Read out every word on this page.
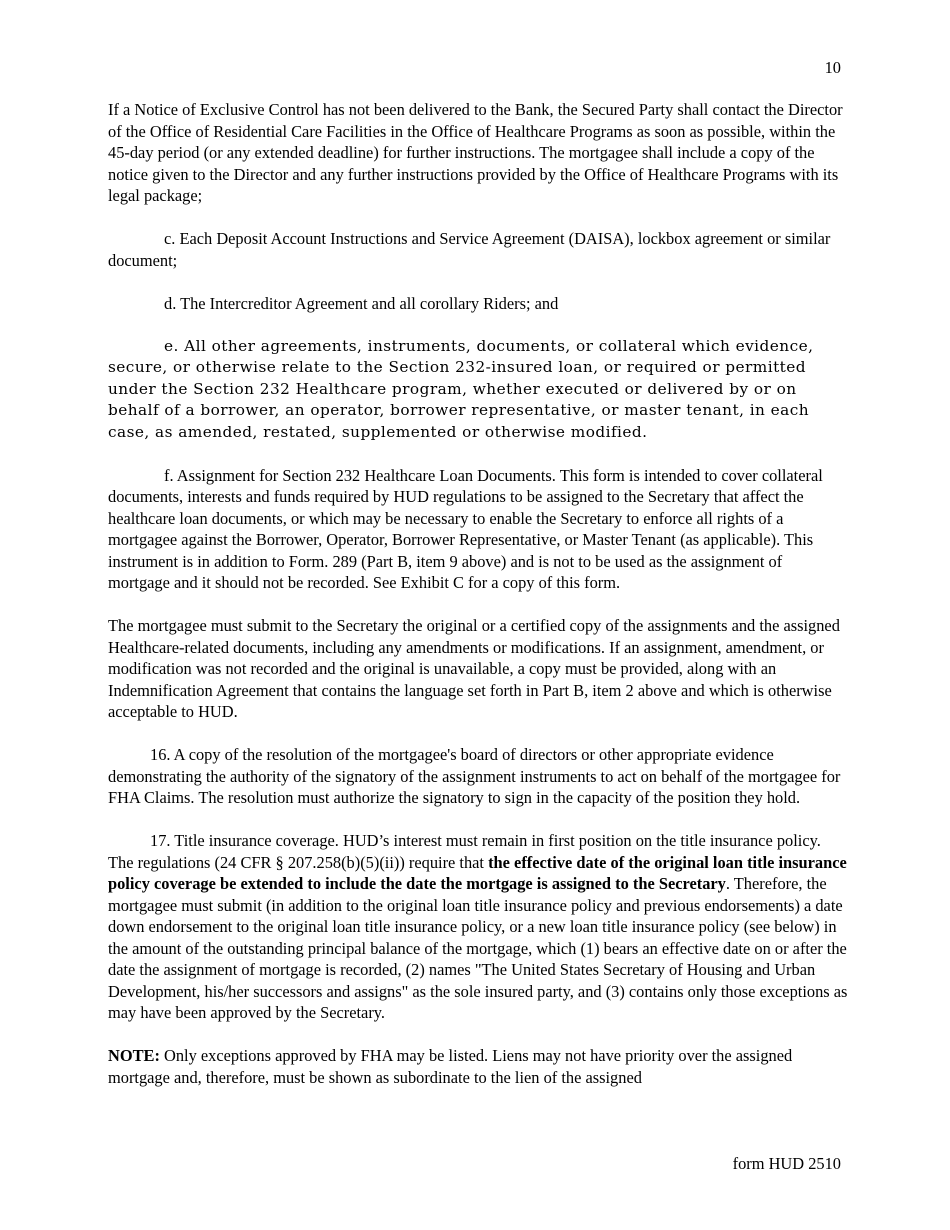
10

If a Notice of Exclusive Control has not been delivered to the Bank, the Secured Party shall contact the Director of the Office of Residential Care Facilities in the Office of Healthcare Programs as soon as possible, within the 45-day period (or any extended deadline) for further instructions. The mortgagee shall include a copy of the notice given to the Director and any further instructions provided by the Office of Healthcare Programs with its legal package;

c. Each Deposit Account Instructions and Service Agreement (DAISA), lockbox agreement or similar document;

d. The Intercreditor Agreement and all corollary Riders; and

e. All other agreements, instruments, documents, or collateral which evidence, secure, or otherwise relate to the Section 232-insured loan, or required or permitted under the Section 232 Healthcare program, whether executed or delivered by or on behalf of a borrower, an operator, borrower representative, or master tenant, in each case, as amended, restated, supplemented or otherwise modified.

f. Assignment for Section 232 Healthcare Loan Documents. This form is intended to cover collateral documents, interests and funds required by HUD regulations to be assigned to the Secretary that affect the healthcare loan documents, or which may be necessary to enable the Secretary to enforce all rights of a mortgagee against the Borrower, Operator, Borrower Representative, or Master Tenant (as applicable). This instrument is in addition to Form. 289 (Part B, item 9 above) and is not to be used as the assignment of mortgage and it should not be recorded. See Exhibit C for a copy of this form.

The mortgagee must submit to the Secretary the original or a certified copy of the assignments and the assigned Healthcare-related documents, including any amendments or modifications. If an assignment, amendment, or modification was not recorded and the original is unavailable, a copy must be provided, along with an Indemnification Agreement that contains the language set forth in Part B, item 2 above and which is otherwise acceptable to HUD.

16. A copy of the resolution of the mortgagee's board of directors or other appropriate evidence demonstrating the authority of the signatory of the assignment instruments to act on behalf of the mortgagee for FHA Claims. The resolution must authorize the signatory to sign in the capacity of the position they hold.

17. Title insurance coverage. HUD’s interest must remain in first position on the title insurance policy. The regulations (24 CFR § 207.258(b)(5)(ii)) require that the effective date of the original loan title insurance policy coverage be extended to include the date the mortgage is assigned to the Secretary. Therefore, the mortgagee must submit (in addition to the original loan title insurance policy and previous endorsements) a date down endorsement to the original loan title insurance policy, or a new loan title insurance policy (see below) in the amount of the outstanding principal balance of the mortgage, which (1) bears an effective date on or after the date the assignment of mortgage is recorded, (2) names "The United States Secretary of Housing and Urban Development, his/her successors and assigns" as the sole insured party, and (3) contains only those exceptions as may have been approved by the Secretary.

NOTE: Only exceptions approved by FHA may be listed. Liens may not have priority over the assigned mortgage and, therefore, must be shown as subordinate to the lien of the assigned

form HUD 2510
